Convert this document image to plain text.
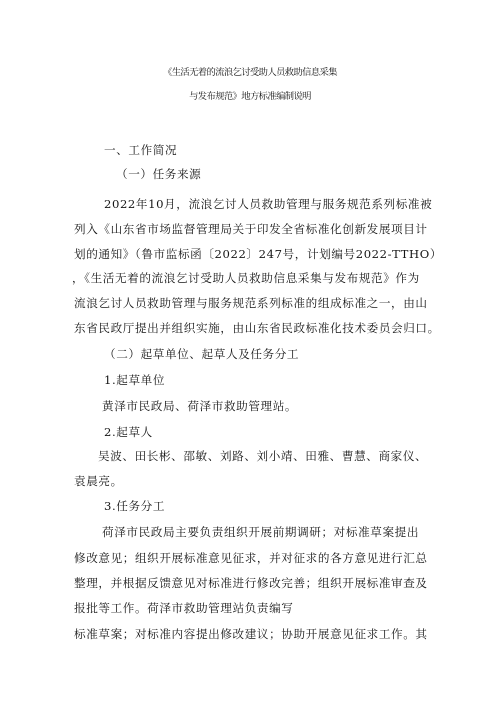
《生活无着的流浪乞讨受助人员救助信息采集
与发布规范》地方标准编制说明
一、工作简况
（一）任务来源
2022年10月，流浪乞讨人员救助管理与服务规范系列标准被
列入《山东省市场监督管理局关于印发全省标准化创新发展项目计
划的通知》（鲁市监标函〔2022〕247号，计划编号2022-TTHO）
，《生活无着的流浪乞讨受助人员救助信息采集与发布规范》作为
流浪乞讨人员救助管理与服务规范系列标准的组成标准之一，由山
东省民政厅提出并组织实施，由山东省民政标准化技术委员会归口。
（二）起草单位、起草人及任务分工
1.起草单位
黄泽市民政局、荷泽市救助管理站。
2.起草人
吴波、田长彬、邵敏、刘路、刘小靖、田雅、曹慧、商家仪、
袁晨亮。
3.任务分工
荷泽市民政局主要负责组织开展前期调研；对标准草案提出
修改意见；组织开展标准意见征求，并对征求的各方意见进行汇总
整理，并根据反馈意见对标准进行修改完善；组织开展标准审查及
报批等工作。荷泽市救助管理站负责编写
标准草案；对标准内容提出修改建议；协助开展意见征求工作。其
